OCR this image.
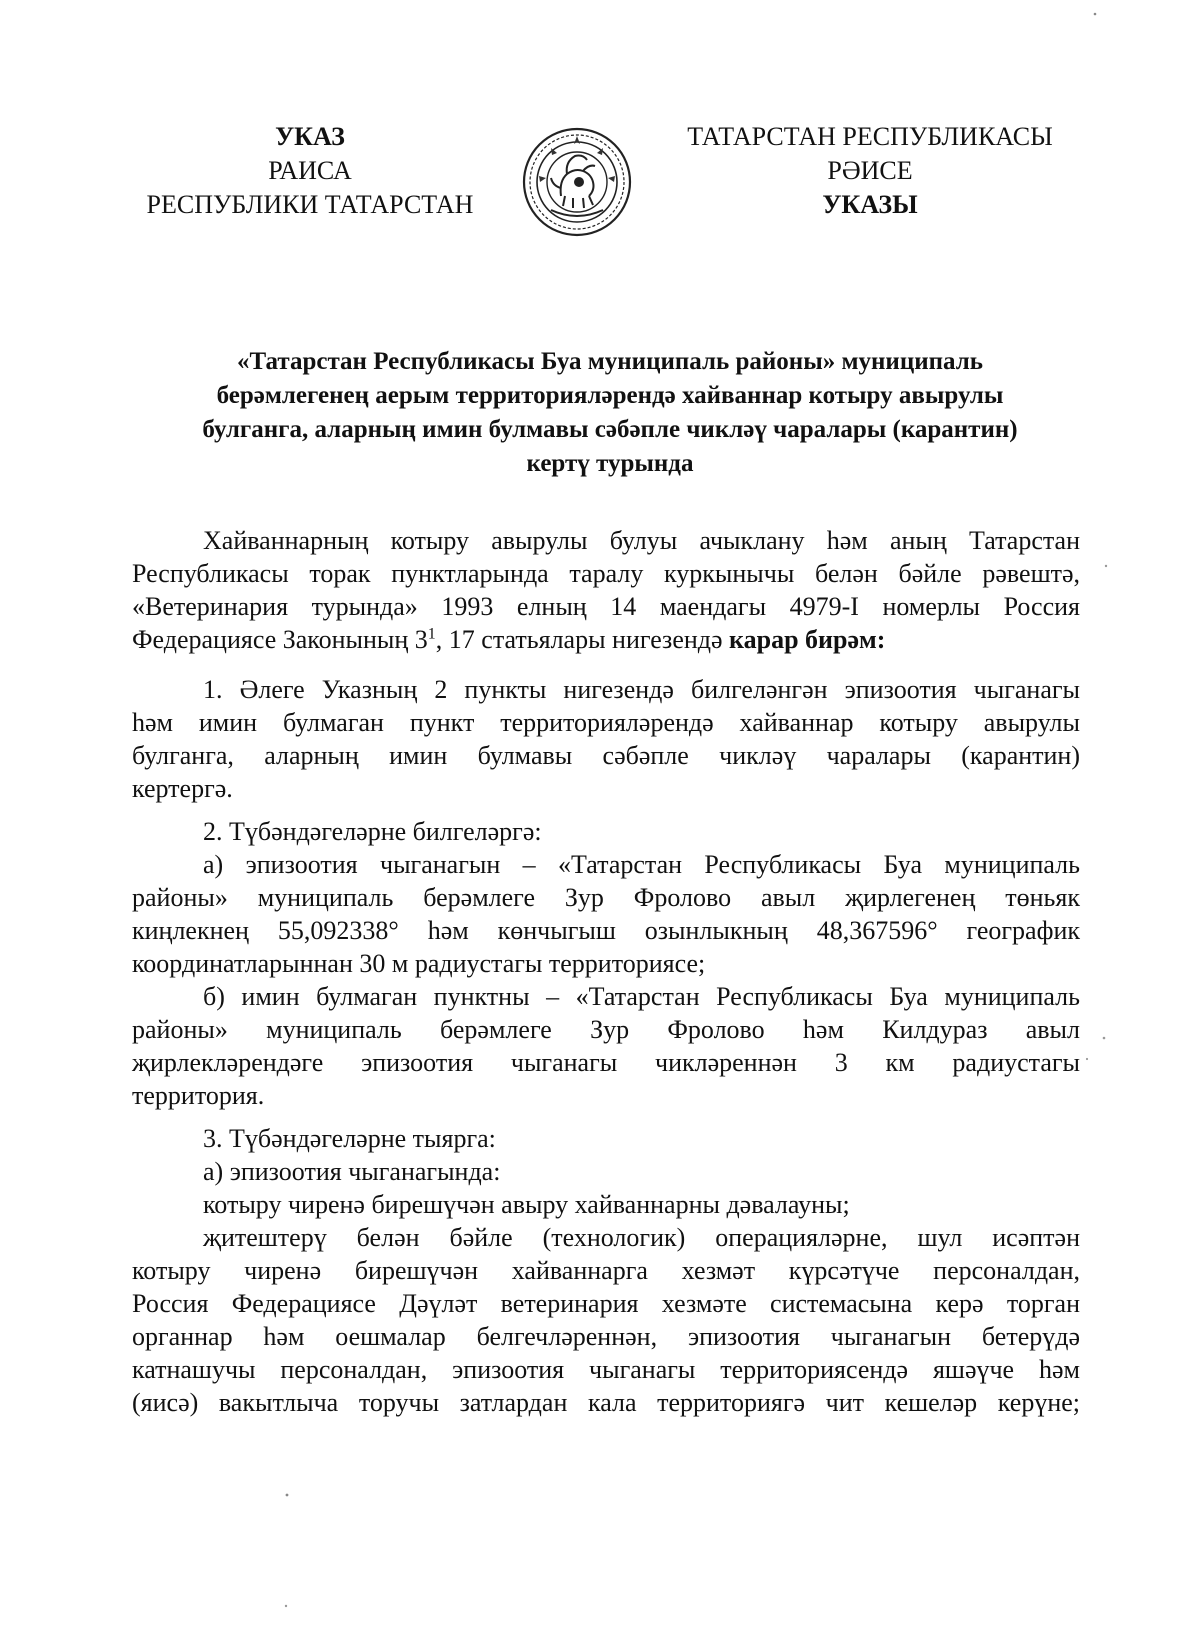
УКАЗ
РАИСА
РЕСПУБЛИКИ ТАТАРСТАН
ТАТАРСТАН РЕСПУБЛИКАСЫ
РӘИСЕ
УКАЗЫ
«Татарстан Республикасы Буа муниципаль районы» муниципаль
берәмлегенең аерым территорияләрендә хайваннар котыру авырулы
булганга, аларның имин булмавы сәбәпле чикләү чаралары (карантин)
кертү турында
Хайваннарның котыру авырулы булуы ачыклану һәм аның Татарстан
Республикасы торак пунктларында таралу куркынычы белән бәйле рәвештә,
«Ветеринария турында» 1993 елның 14 маендагы 4979-I номерлы Россия
Федерациясе Законының $3^1$, 17 статьялары нигезендә карар бирәм:
1. Әлеге Указның 2 пункты нигезендә билгеләнгән эпизоотия чыганагы
һәм имин булмаган пункт территорияләрендә хайваннар котыру авырулы
булганга, аларның имин булмавы сәбәпле чикләү чаралары (карантин)
кертергә.
2. Түбәндәгеләрне билгеләргә:
а) эпизоотия чыганагын – «Татарстан Республикасы Буа муниципаль
районы» муниципаль берәмлеге Зур Фролово авыл җирлегенең төньяк
киңлекнең 55,092338° һәм көнчыгыш озынлыкның 48,367596° географик
координатларыннан 30 м радиустагы территориясе;
б) имин булмаган пунктны – «Татарстан Республикасы Буа муниципаль
районы» муниципаль берәмлеге Зур Фролово һәм Килдураз авыл
җирлекләрендәге эпизоотия чыганагы чикләреннән 3 км радиустагы
территория.
3. Түбәндәгеләрне тыярга:
а) эпизоотия чыганагында:
котыру чиренә бирешүчән авыру хайваннарны дәвалауны;
җитештерү белән бәйле (технологик) операцияләрне, шул исәптән
котыру чиренә бирешүчән хайваннарга хезмәт күрсәтүче персоналдан,
Россия Федерациясе Дәүләт ветеринария хезмәте системасына керә торган
органнар һәм оешмалар белгечләреннән, эпизоотия чыганагын бетерүдә
катнашучы персоналдан, эпизоотия чыганагы территориясендә яшәүче һәм
(яисә) вакытлыча торучы затлардан кала территориягә чит кешеләр керүне;
